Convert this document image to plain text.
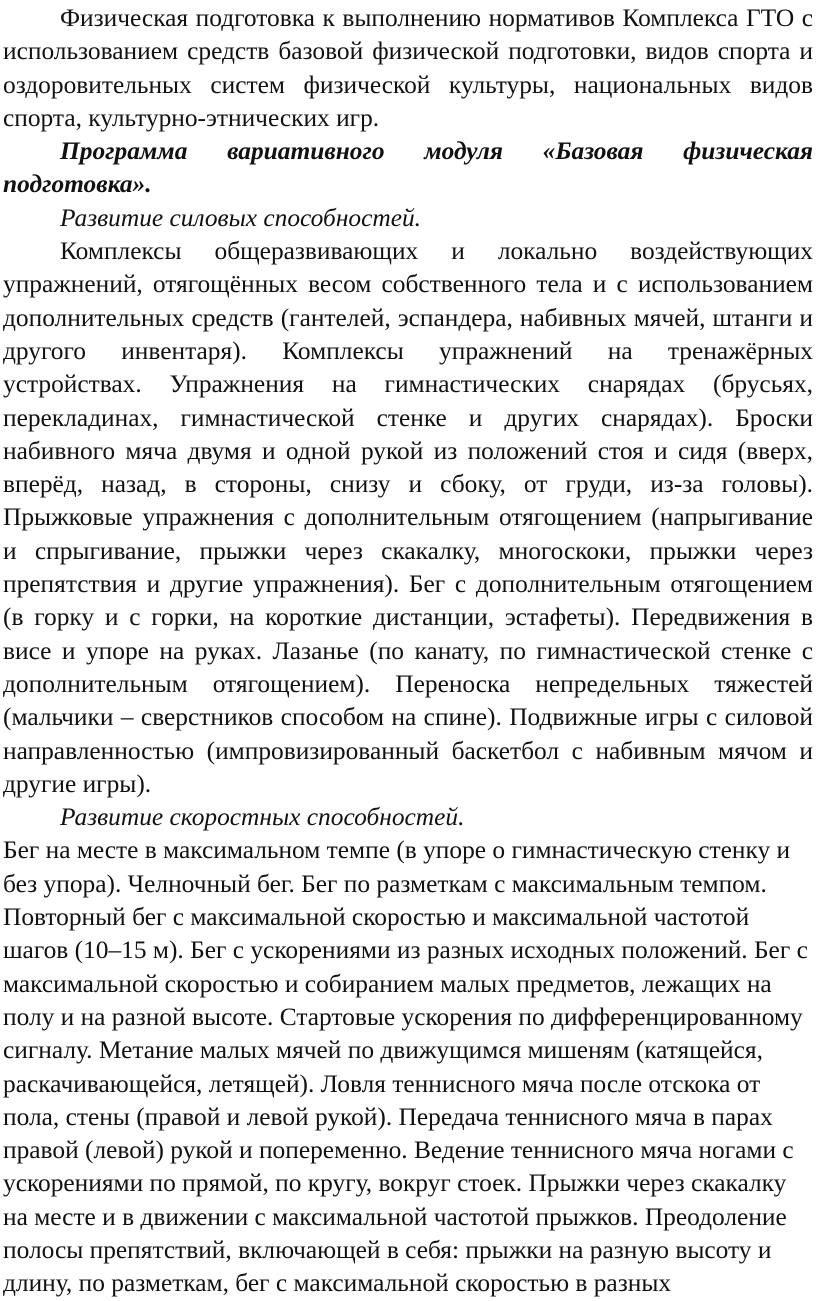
Физическая подготовка к выполнению нормативов Комплекса ГТО с использованием средств базовой физической подготовки, видов спорта и оздоровительных систем физической культуры, национальных видов спорта, культурно-этнических игр.

Программа вариативного модуля «Базовая физическая подготовка».

Развитие силовых способностей.

Комплексы общеразвивающих и локально воздействующих упражнений, отягощённых весом собственного тела и с использованием дополнительных средств (гантелей, эспандера, набивных мячей, штанги и другого инвентаря). Комплексы упражнений на тренажёрных устройствах. Упражнения на гимнастических снарядах (брусьях, перекладинах, гимнастической стенке и других снарядах). Броски набивного мяча двумя и одной рукой из положений стоя и сидя (вверх, вперёд, назад, в стороны, снизу и сбоку, от груди, из-за головы). Прыжковые упражнения с дополнительным отягощением (напрыгивание и спрыгивание, прыжки через скакалку, многоскоки, прыжки через препятствия и другие упражнения). Бег с дополнительным отягощением (в горку и с горки, на короткие дистанции, эстафеты). Передвижения в висе и упоре на руках. Лазанье (по канату, по гимнастической стенке с дополнительным отягощением). Переноска непредельных тяжестей (мальчики – сверстников способом на спине). Подвижные игры с силовой направленностью (импровизированный баскетбол с набивным мячом и другие игры).

Развитие скоростных способностей.

Бег на месте в максимальном темпе (в упоре о гимнастическую стенку и без упора). Челночный бег. Бег по разметкам с максимальным темпом. Повторный бег с максимальной скоростью и максимальной частотой шагов (10–15 м). Бег с ускорениями из разных исходных положений. Бег с максимальной скоростью и собиранием малых предметов, лежащих на полу и на разной высоте. Стартовые ускорения по дифференцированному сигналу. Метание малых мячей по движущимся мишеням (катящейся, раскачивающейся, летящей). Ловля теннисного мяча после отскока от пола, стены (правой и левой рукой). Передача теннисного мяча в парах правой (левой) рукой и попеременно. Ведение теннисного мяча ногами с ускорениями по прямой, по кругу, вокруг стоек. Прыжки через скакалку на месте и в движении с максимальной частотой прыжков. Преодоление полосы препятствий, включающей в себя: прыжки на разную высоту и длину, по разметкам, бег с максимальной скоростью в разных
